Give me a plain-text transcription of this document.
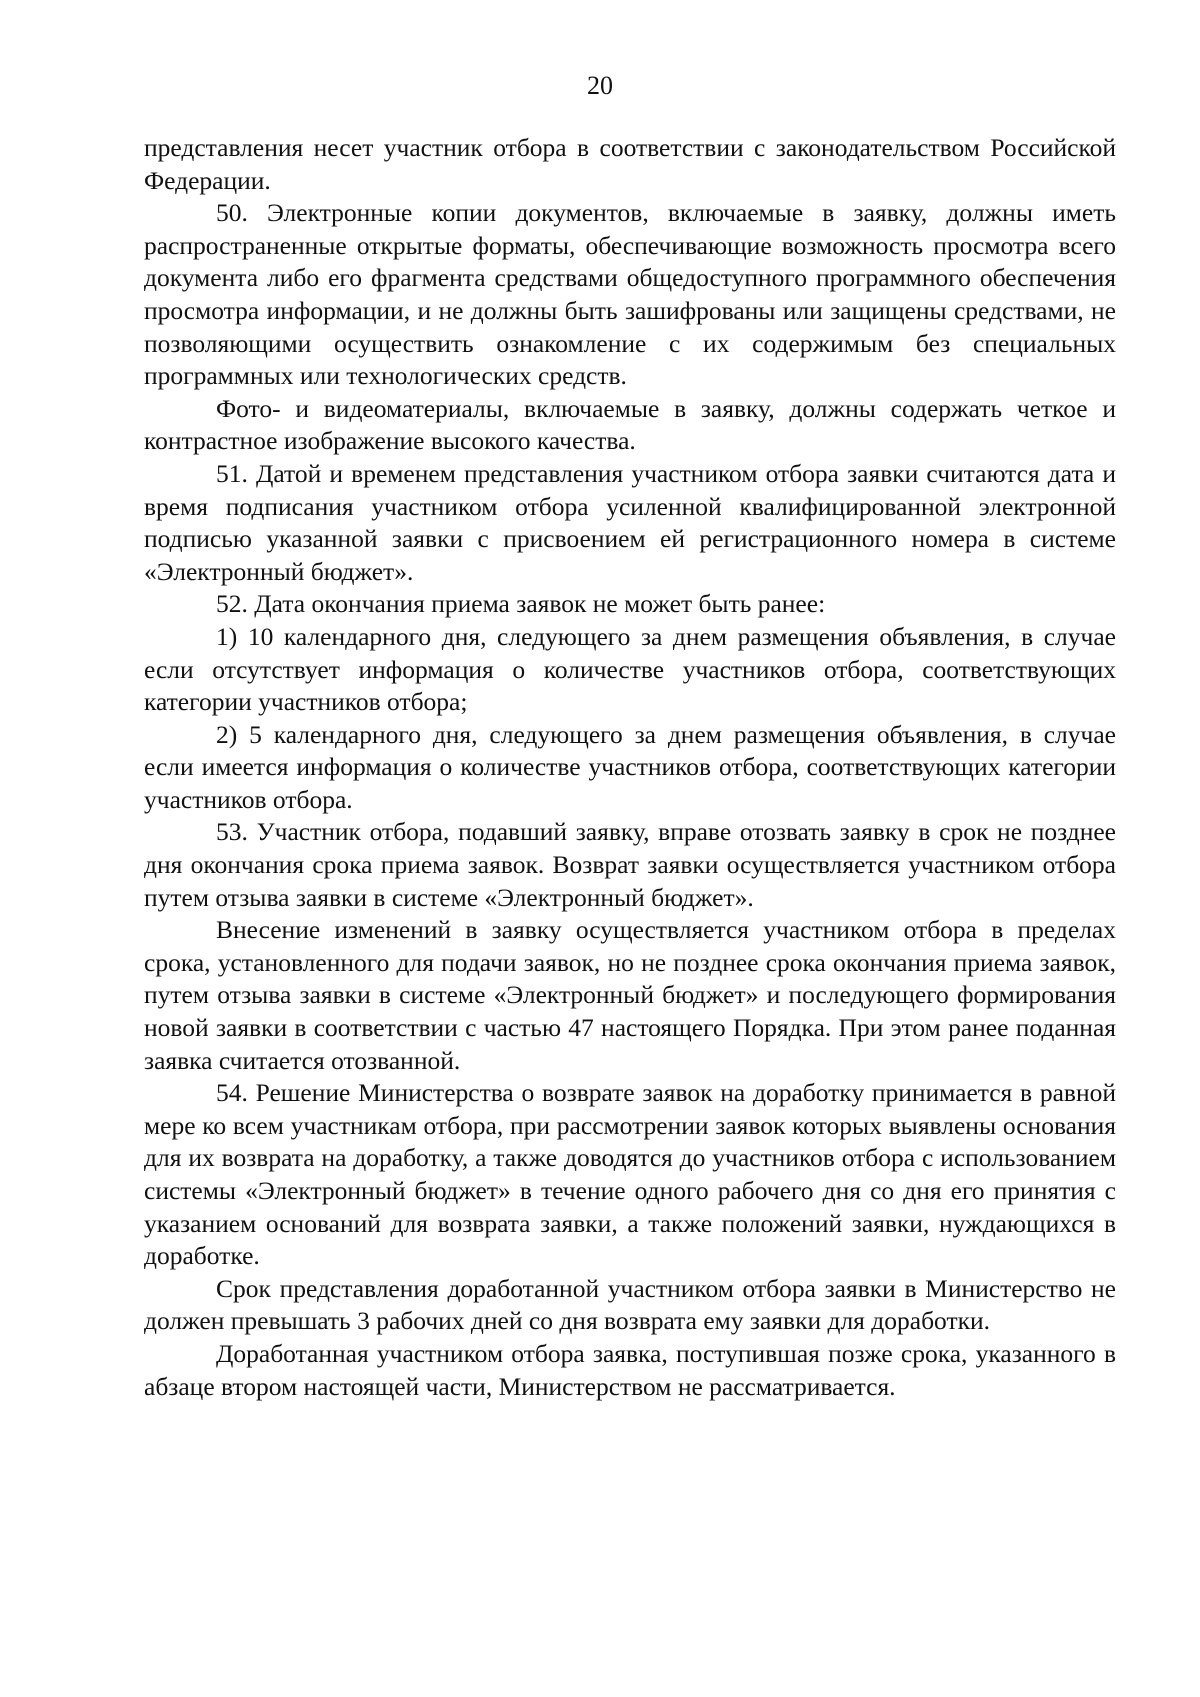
20

представления несет участник отбора в соответствии с законодательством Российской Федерации.

50. Электронные копии документов, включаемые в заявку, должны иметь распространенные открытые форматы, обеспечивающие возможность просмотра всего документа либо его фрагмента средствами общедоступного программного обеспечения просмотра информации, и не должны быть зашифрованы или защищены средствами, не позволяющими осуществить ознакомление с их содержимым без специальных программных или технологических средств.

Фото- и видеоматериалы, включаемые в заявку, должны содержать четкое и контрастное изображение высокого качества.

51. Датой и временем представления участником отбора заявки считаются дата и время подписания участником отбора усиленной квалифицированной электронной подписью указанной заявки с присвоением ей регистрационного номера в системе «Электронный бюджет».

52. Дата окончания приема заявок не может быть ранее:

1) 10 календарного дня, следующего за днем размещения объявления, в случае если отсутствует информация о количестве участников отбора, соответствующих категории участников отбора;

2) 5 календарного дня, следующего за днем размещения объявления, в случае если имеется информация о количестве участников отбора, соответствующих категории участников отбора.

53. Участник отбора, подавший заявку, вправе отозвать заявку в срок не позднее дня окончания срока приема заявок. Возврат заявки осуществляется участником отбора путем отзыва заявки в системе «Электронный бюджет».

Внесение изменений в заявку осуществляется участником отбора в пределах срока, установленного для подачи заявок, но не позднее срока окончания приема заявок, путем отзыва заявки в системе «Электронный бюджет» и последующего формирования новой заявки в соответствии с частью 47 настоящего Порядка. При этом ранее поданная заявка считается отозванной.

54. Решение Министерства о возврате заявок на доработку принимается в равной мере ко всем участникам отбора, при рассмотрении заявок которых выявлены основания для их возврата на доработку, а также доводятся до участников отбора с использованием системы «Электронный бюджет» в течение одного рабочего дня со дня его принятия с указанием оснований для возврата заявки, а также положений заявки, нуждающихся в доработке.

Срок представления доработанной участником отбора заявки в Министерство не должен превышать 3 рабочих дней со дня возврата ему заявки для доработки.

Доработанная участником отбора заявка, поступившая позже срока, указанного в абзаце втором настоящей части, Министерством не рассматривается.
